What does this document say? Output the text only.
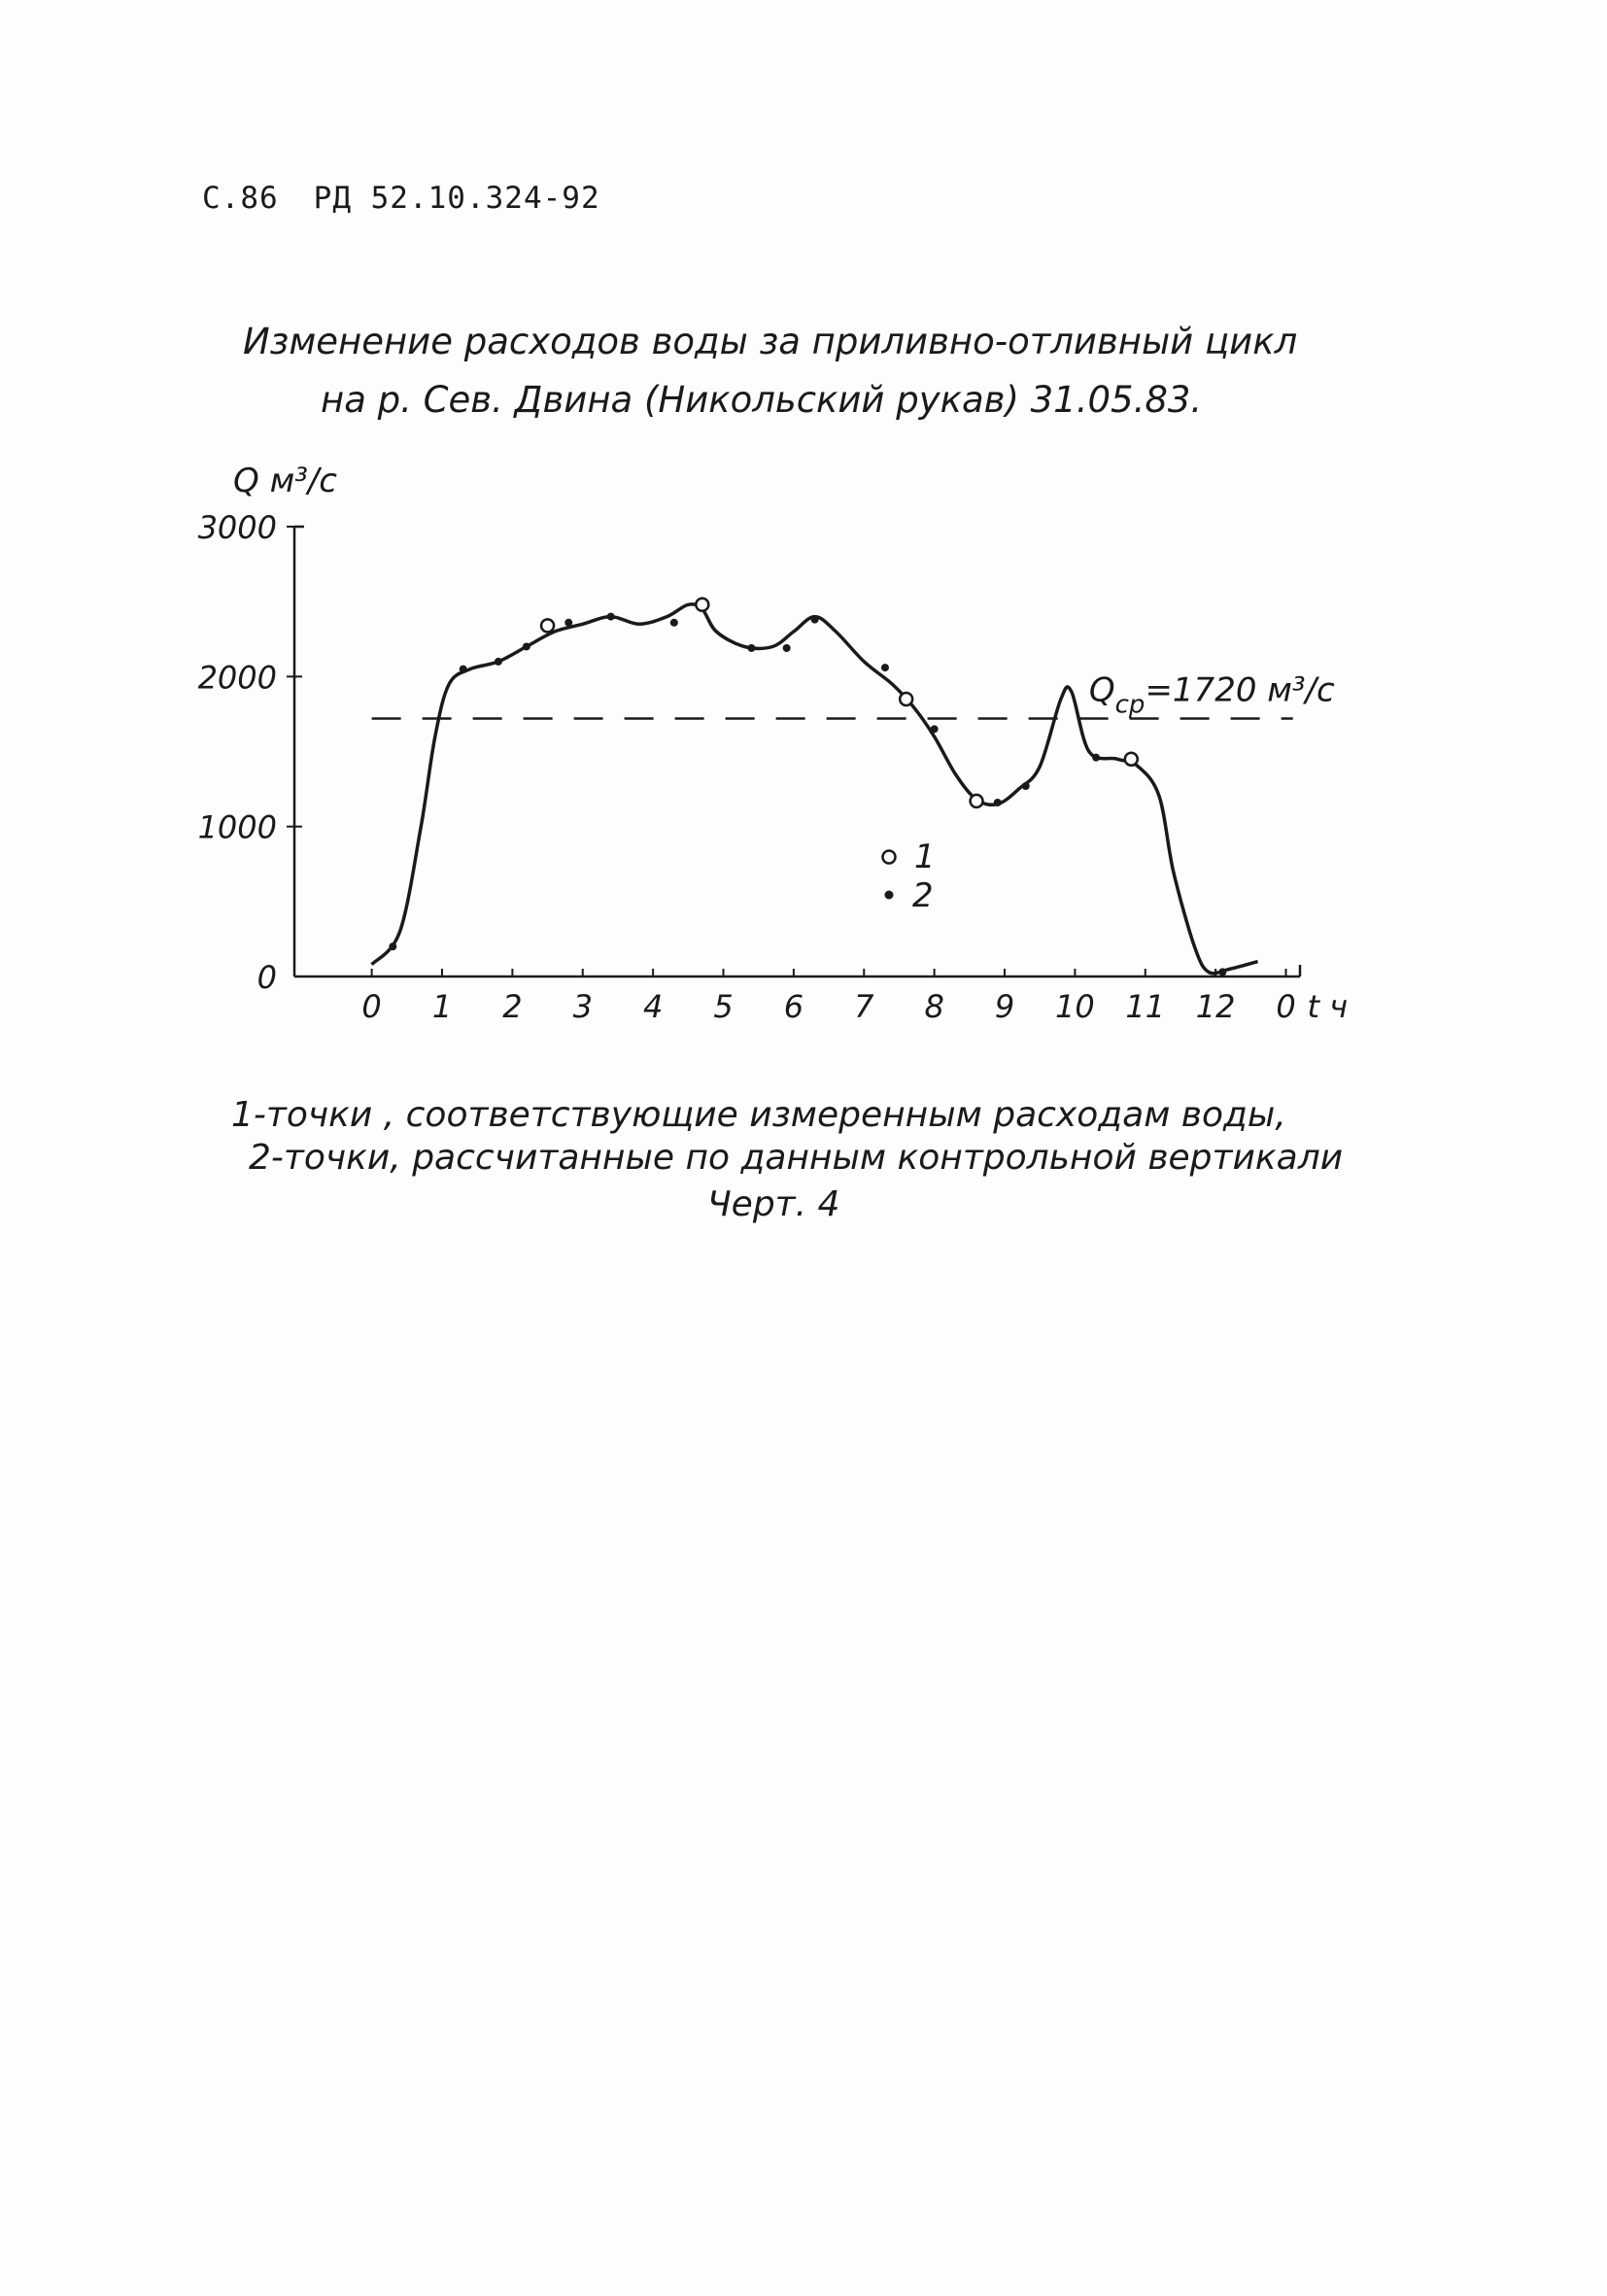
С.86 РД 52.10.324-92
Изменение расходов воды за приливно-отливный цикл
на р. Сев. Двина (Никольский рукав) 31.05.83.
Q м³/с
3000
2000
1000
0
0 1 2 3 4 5 6 7 8 9 10 11 12 0 t ч
$Q_{ср}=1720$ м³/с
1
2
1-точки , соответствующие измеренным расходам воды,
2-точки, рассчитанные по данным контрольной вертикали
Черт. 4
